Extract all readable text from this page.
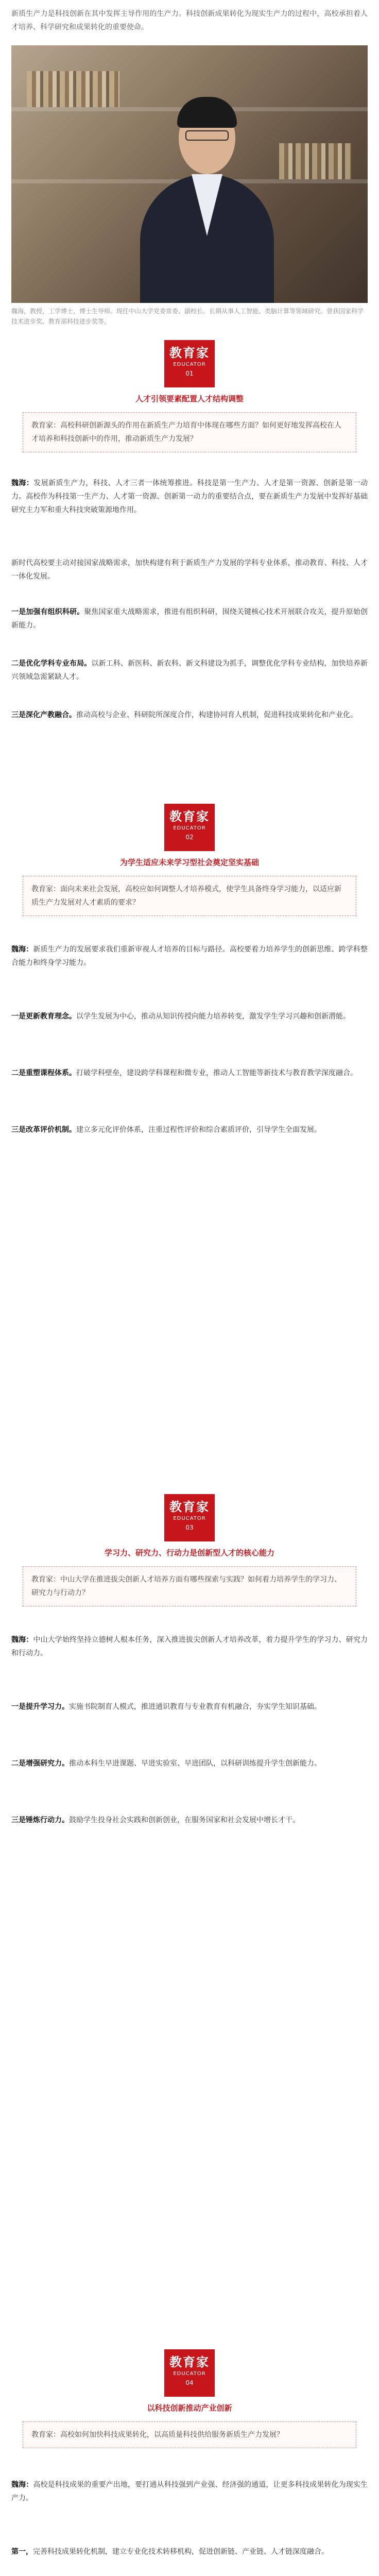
新质生产力是科技创新在其中发挥主导作用的生产力。科技创新成果转化为现实生产力的过程中，高校承担着人才培养、科学研究和成果转化的重要使命。
魏海，教授，工学博士，博士生导师。现任中山大学党委常委、副校长。长期从事人工智能、类脑计算等领域研究。曾获国家科学技术进步奖、教育部科技进步奖等。
教育家
EDUCATOR
01
人才引领要素配置人才结构调整
教育家：高校科研创新源头的作用在新质生产力培育中体现在哪些方面？如何更好地发挥高校在人才培养和科技创新中的作用，推动新质生产力发展？
魏海：发展新质生产力，科技、人才三者一体统筹推进。科技是第一生产力、人才是第一资源、创新是第一动力。高校作为科技第一生产力、人才第一资源、创新第一动力的重要结合点，要在新质生产力发展中发挥好基础研究主力军和重大科技突破策源地作用。
新时代高校要主动对接国家战略需求，加快构建有利于新质生产力发展的学科专业体系，推动教育、科技、人才一体化发展。
一是加强有组织科研。聚焦国家重大战略需求，推进有组织科研，围绕关键核心技术开展联合攻关，提升原始创新能力。
二是优化学科专业布局。以新工科、新医科、新农科、新文科建设为抓手，调整优化学科专业结构，加快培养新兴领域急需紧缺人才。
三是深化产教融合。推动高校与企业、科研院所深度合作，构建协同育人机制，促进科技成果转化和产业化。
教育家
EDUCATOR
02
为学生适应未来学习型社会奠定坚实基础
教育家：面向未来社会发展，高校应如何调整人才培养模式，使学生具备终身学习能力，以适应新质生产力发展对人才素质的要求？
魏海：新质生产力的发展要求我们重新审视人才培养的目标与路径。高校要着力培养学生的创新思维、跨学科整合能力和终身学习能力。
一是更新教育理念。以学生发展为中心，推动从知识传授向能力培养转变，激发学生学习兴趣和创新潜能。
二是重塑课程体系。打破学科壁垒，建设跨学科课程和微专业，推动人工智能等新技术与教育教学深度融合。
三是改革评价机制。建立多元化评价体系，注重过程性评价和综合素质评价，引导学生全面发展。
教育家
EDUCATOR
03
学习力、研究力、行动力是创新型人才的核心能力
教育家：中山大学在推进拔尖创新人才培养方面有哪些探索与实践？如何着力培养学生的学习力、研究力与行动力？
魏海：中山大学始终坚持立德树人根本任务，深入推进拔尖创新人才培养改革，着力提升学生的学习力、研究力和行动力。
一是提升学习力。实施书院制育人模式，推进通识教育与专业教育有机融合，夯实学生知识基础。
二是增强研究力。推动本科生早进课题、早进实验室、早进团队，以科研训练提升学生创新能力。
三是锤炼行动力。鼓励学生投身社会实践和创新创业，在服务国家和社会发展中增长才干。
教育家
EDUCATOR
04
以科技创新推动产业创新
教育家：高校如何加快科技成果转化，以高质量科技供给服务新质生产力发展？
魏海：高校是科技成果的重要产出地，要打通从科技强到产业强、经济强的通道，让更多科技成果转化为现实生产力。
第一，完善科技成果转化机制，建立专业化技术转移机构，促进创新链、产业链、人才链深度融合。
